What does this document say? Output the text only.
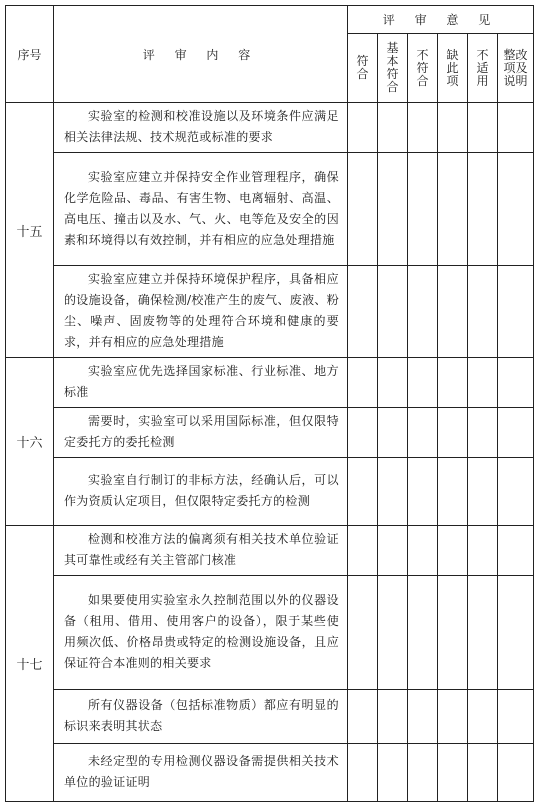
序号	评 审 内 容	评 审 意 见					
		符合	基本符合	不符合	缺此项	不适用	整改项及说明
十五	实验室的检测和校准设施以及环境条件应满足相关法律法规、技术规范或标准的要求						
	实验室应建立并保持安全作业管理程序，确保化学危险品、毒品、有害生物、电离辐射、高温、高电压、撞击以及水、气、火、电等危及安全的因素和环境得以有效控制，并有相应的应急处理措施						
	实验室应建立并保持环境保护程序，具备相应的设施设备，确保检测/校准产生的废气、废液、粉尘、噪声、固废物等的处理符合环境和健康的要求，并有相应的应急处理措施						
十六	实验室应优先选择国家标准、行业标准、地方标准						
	需要时，实验室可以采用国际标准，但仅限特定委托方的委托检测						
	实验室自行制订的非标方法，经确认后，可以作为资质认定项目，但仅限特定委托方的检测						
十七	检测和校准方法的偏离须有相关技术单位验证其可靠性或经有关主管部门核准						
	如果要使用实验室永久控制范围以外的仪器设备（租用、借用、使用客户的设备），限于某些使用频次低、价格昂贵或特定的检测设施设备，且应保证符合本准则的相关要求						
	所有仪器设备（包括标准物质）都应有明显的标识来表明其状态						
	未经定型的专用检测仪器设备需提供相关技术单位的验证证明						
